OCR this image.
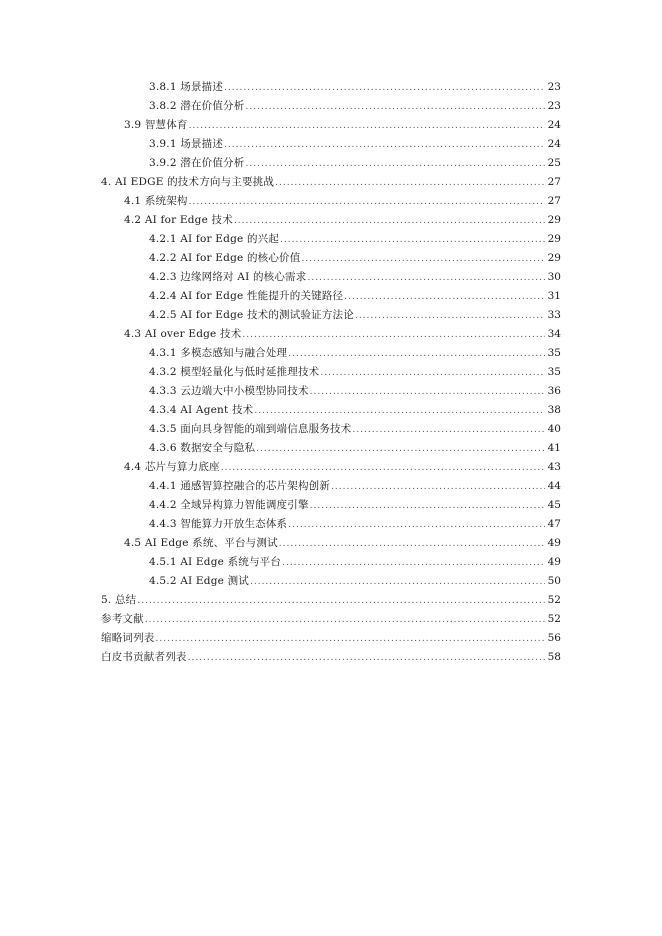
3.8.1 场景描述 .....	23
3.8.2 潜在价值分析 .....	23
3.9 智慧体育 .....	24
3.9.1 场景描述 .....	24
3.9.2 潜在价值分析 .....	25
4. AI EDGE 的技术方向与主要挑战 .....	27
4.1 系统架构 .....	27
4.2 AI for Edge 技术 .....	29
4.2.1 AI for Edge 的兴起 .....	29
4.2.2 AI for Edge 的核心价值 .....	29
4.2.3 边缘网络对 AI 的核心需求 .....	30
4.2.4 AI for Edge 性能提升的关键路径 .....	31
4.2.5 AI for Edge 技术的测试验证方法论 .....	33
4.3 AI over Edge 技术 .....	34
4.3.1 多模态感知与融合处理 .....	35
4.3.2 模型轻量化与低时延推理技术 .....	35
4.3.3 云边端大中小模型协同技术 .....	36
4.3.4 AI Agent 技术 .....	38
4.3.5 面向具身智能的端到端信息服务技术 .....	40
4.3.6 数据安全与隐私 .....	41
4.4 芯片与算力底座 .....	43
4.4.1 通感智算控融合的芯片架构创新 .....	44
4.4.2 全域异构算力智能调度引擎 .....	45
4.4.3 智能算力开放生态体系 .....	47
4.5 AI Edge 系统、平台与测试 .....	49
4.5.1 AI Edge 系统与平台 .....	49
4.5.2 AI Edge 测试 .....	50
5. 总结 .....	52
参考文献 .....	52
缩略词列表 .....	56
白皮书贡献者列表 .....	58
